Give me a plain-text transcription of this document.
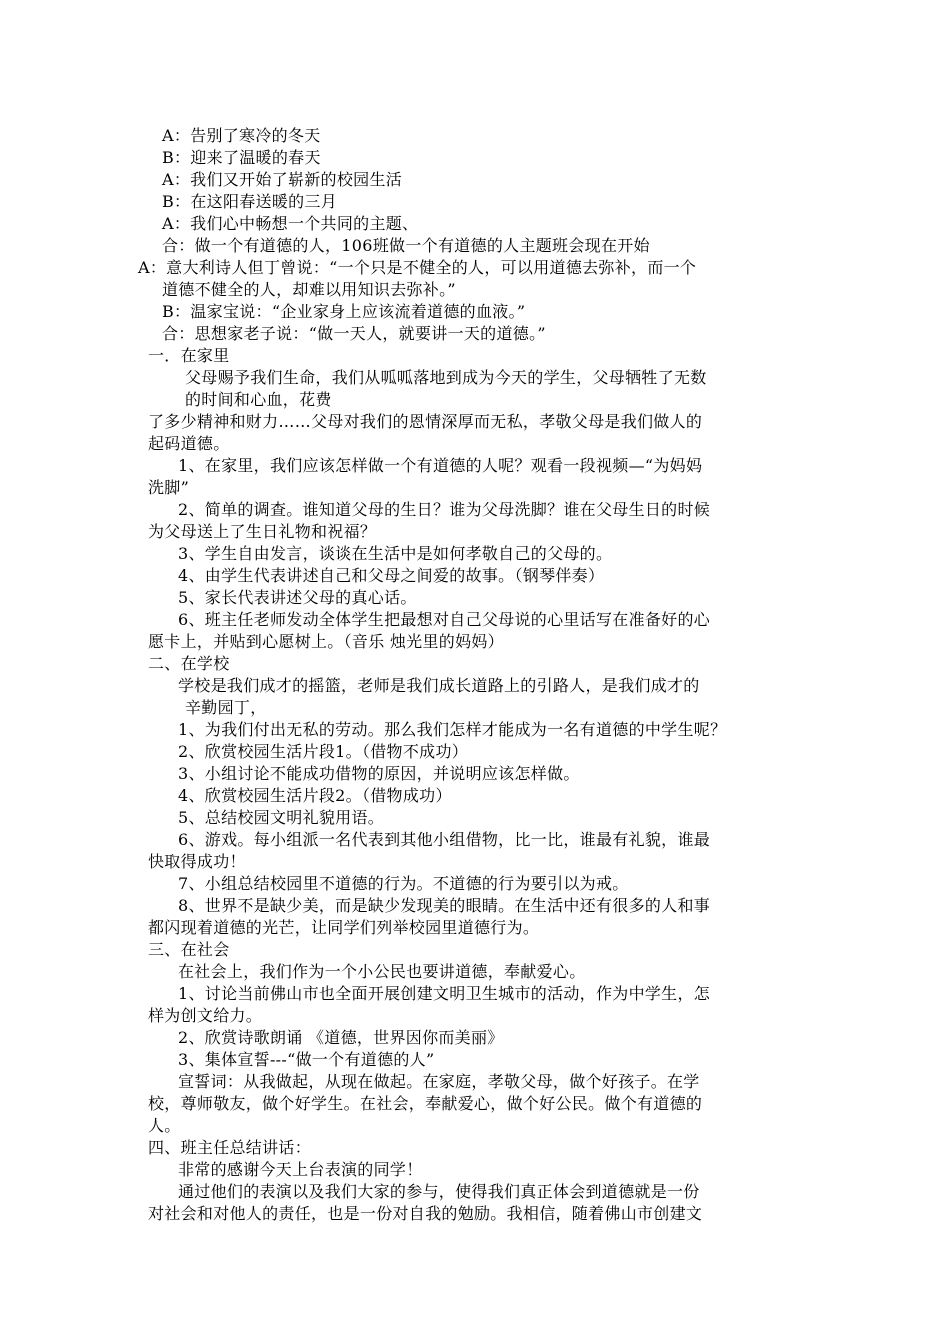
A：告别了寒冷的冬天
B：迎来了温暖的春天
A：我们又开始了崭新的校园生活
B：在这阳春送暖的三月
A：我们心中畅想一个共同的主题、
合：做一个有道德的人，106班做一个有道德的人主题班会现在开始
A：意大利诗人但丁曾说：“一个只是不健全的人，可以用道德去弥补，而一个
道德不健全的人，却难以用知识去弥补。”
B：温家宝说：“企业家身上应该流着道德的血液。”
合：思想家老子说：“做一天人，就要讲一天的道德。”
一．在家里
父母赐予我们生命，我们从呱呱落地到成为今天的学生，父母牺牲了无数
的时间和心血，花费
了多少精神和财力……父母对我们的恩情深厚而无私，孝敬父母是我们做人的
起码道德。
1、在家里，我们应该怎样做一个有道德的人呢？观看一段视频—“为妈妈
洗脚”
2、简单的调查。谁知道父母的生日？谁为父母洗脚？谁在父母生日的时候
为父母送上了生日礼物和祝福？
3、学生自由发言，谈谈在生活中是如何孝敬自己的父母的。
4、由学生代表讲述自己和父母之间爱的故事。（钢琴伴奏）
5、家长代表讲述父母的真心话。
6、班主任老师发动全体学生把最想对自己父母说的心里话写在准备好的心
愿卡上，并贴到心愿树上。（音乐 烛光里的妈妈）
二、在学校
学校是我们成才的摇篮，老师是我们成长道路上的引路人，是我们成才的
辛勤园丁，
1、为我们付出无私的劳动。那么我们怎样才能成为一名有道德的中学生呢？
2、欣赏校园生活片段1。（借物不成功）
3、小组讨论不能成功借物的原因，并说明应该怎样做。
4、欣赏校园生活片段2。（借物成功）
5、总结校园文明礼貌用语。
6、游戏。每小组派一名代表到其他小组借物，比一比，谁最有礼貌，谁最
快取得成功！
7、小组总结校园里不道德的行为。不道德的行为要引以为戒。
8、世界不是缺少美，而是缺少发现美的眼睛。在生活中还有很多的人和事
都闪现着道德的光芒，让同学们列举校园里道德行为。
三、在社会
在社会上，我们作为一个小公民也要讲道德，奉献爱心。
1、讨论当前佛山市也全面开展创建文明卫生城市的活动，作为中学生，怎
样为创文给力。
2、欣赏诗歌朗诵 《道德，世界因你而美丽》
3、集体宣誓---“做一个有道德的人”
宣誓词：从我做起，从现在做起。在家庭，孝敬父母，做个好孩子。在学
校，尊师敬友，做个好学生。在社会，奉献爱心，做个好公民。做个有道德的
人。
四、班主任总结讲话：
非常的感谢今天上台表演的同学！
通过他们的表演以及我们大家的参与，使得我们真正体会到道德就是一份
对社会和对他人的责任，也是一份对自我的勉励。我相信，随着佛山市创建文
